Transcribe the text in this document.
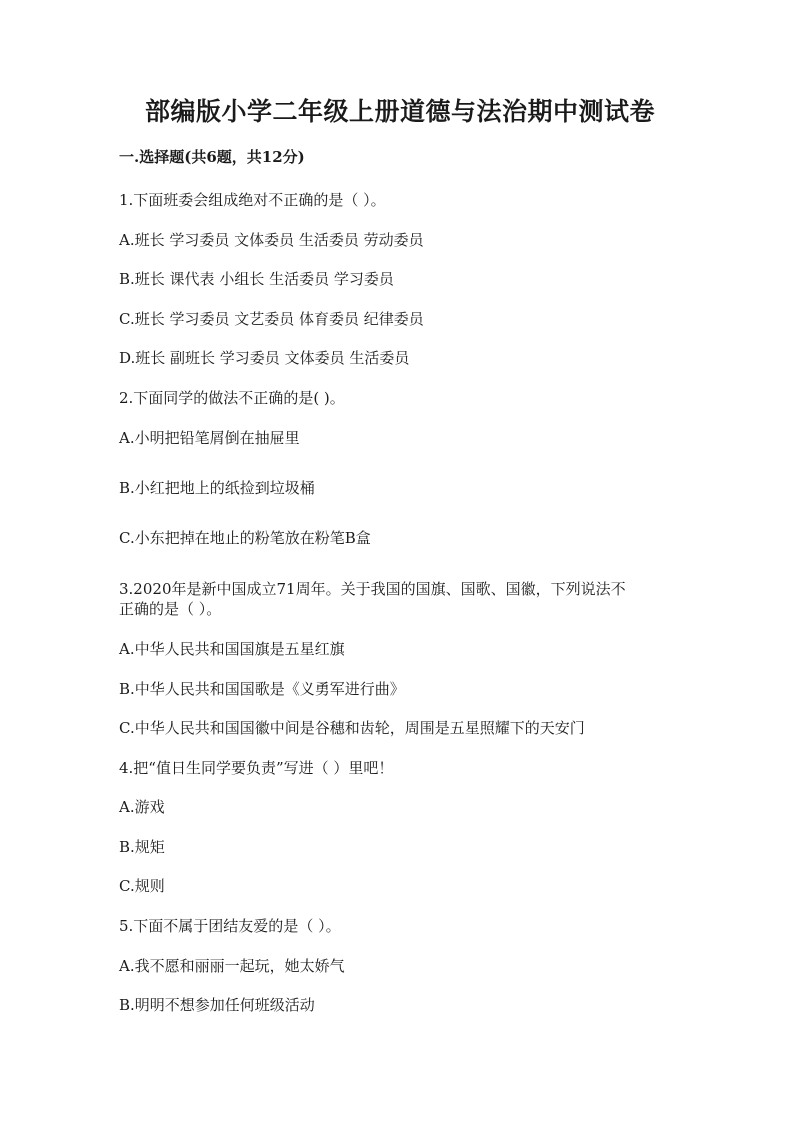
部编版小学二年级上册道德与法治期中测试卷
一.选择题(共6题，共12分)
1.下面班委会组成绝对不正确的是（ ）。
A.班长 学习委员 文体委员 生活委员 劳动委员
B.班长 课代表 小组长 生活委员 学习委员
C.班长 学习委员 文艺委员 体育委员 纪律委员
D.班长 副班长 学习委员 文体委员 生活委员
2.下面同学的做法不正确的是( )。
A.小明把铅笔屑倒在抽屉里
B.小红把地上的纸捡到垃圾桶
C.小东把掉在地止的粉笔放在粉笔B盒
3.2020年是新中国成立71周年。关于我国的国旗、国歌、国徽，下列说法不
正确的是（ ）。
A.中华人民共和国国旗是五星红旗
B.中华人民共和国国歌是《义勇军进行曲》
C.中华人民共和国国徽中间是谷穗和齿轮，周围是五星照耀下的天安门
4.把“值日生同学要负责”写进（ ）里吧！
A.游戏
B.规矩
C.规则
5.下面不属于团结友爱的是（ ）。
A.我不愿和丽丽一起玩，她太娇气
B.明明不想参加任何班级活动
